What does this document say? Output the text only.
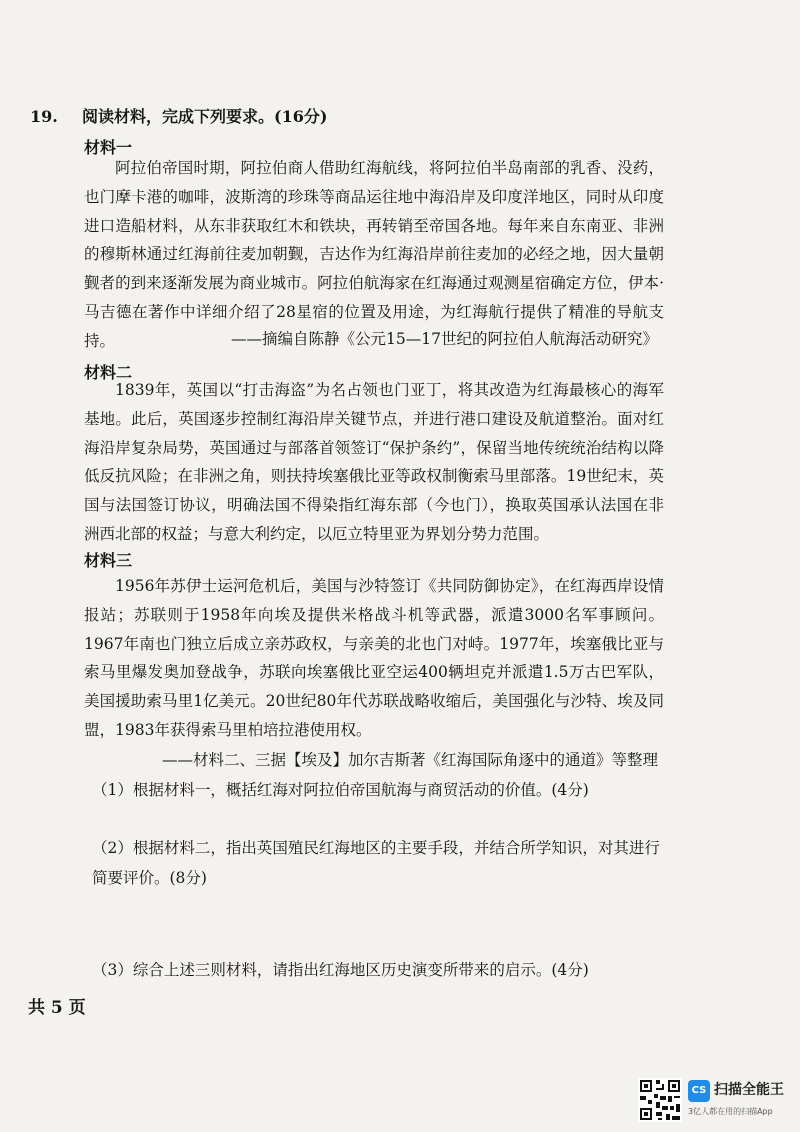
19. 阅读材料，完成下列要求。(16分)
材料一

阿拉伯帝国时期，阿拉伯商人借助红海航线，将阿拉伯半岛南部的乳香、没药，也门摩卡港的咖啡，波斯湾的珍珠等商品运往地中海沿岸及印度洋地区，同时从印度进口造船材料，从东非获取红木和铁块，再转销至帝国各地。每年来自东南亚、非洲的穆斯林通过红海前往麦加朝觐，吉达作为红海沿岸前往麦加的必经之地，因大量朝觐者的到来逐渐发展为商业城市。阿拉伯航海家在红海通过观测星宿确定方位，伊本·马吉德在著作中详细介绍了28星宿的位置及用途，为红海航行提供了精准的导航支持。	——摘编自陈静《公元15—17世纪的阿拉伯人航海活动研究》
材料二

1839年，英国以“打击海盗”为名占领也门亚丁，将其改造为红海最核心的海军基地。此后，英国逐步控制红海沿岸关键节点，并进行港口建设及航道整治。面对红海沿岸复杂局势，英国通过与部落首领签订“保护条约”，保留当地传统统治结构以降低反抗风险；在非洲之角，则扶持埃塞俄比亚等政权制衡索马里部落。19世纪末，英国与法国签订协议，明确法国不得染指红海东部（今也门），换取英国承认法国在非洲西北部的权益；与意大利约定，以厄立特里亚为界划分势力范围。

材料三

1956年苏伊士运河危机后，美国与沙特签订《共同防御协定》，在红海西岸设情报站；苏联则于1958年向埃及提供米格战斗机等武器，派遣3000名军事顾问。1967年南也门独立后成立亲苏政权，与亲美的北也门对峙。1977年，埃塞俄比亚与索马里爆发奥加登战争，苏联向埃塞俄比亚空运400辆坦克并派遣1.5万古巴军队，美国援助索马里1亿美元。20世纪80年代苏联战略收缩后，美国强化与沙特、埃及同盟，1983年获得索马里柏培拉港使用权。

——材料二、三据【埃及】加尔吉斯著《红海国际角逐中的通道》等整理

（1）根据材料一，概括红海对阿拉伯帝国航海与商贸活动的价值。(4分)

（2）根据材料二，指出英国殖民红海地区的主要手段，并结合所学知识，对其进行简要评价。(8分)

（3）综合上述三则材料，请指出红海地区历史演变所带来的启示。(4分)

共 5 页
CS 扫描全能王
3亿人都在用的扫描App
